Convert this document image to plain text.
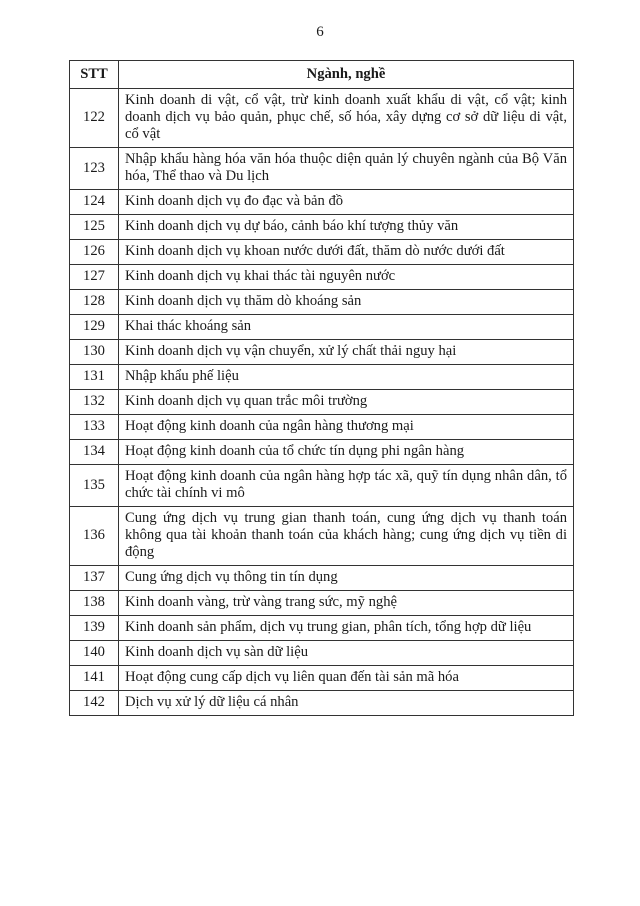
6
STT	Ngành, nghề
122	Kinh doanh di vật, cổ vật, trừ kinh doanh xuất khẩu di vật, cổ vật; kinh doanh dịch vụ bảo quản, phục chế, số hóa, xây dựng cơ sở dữ liệu di vật, cổ vật
123	Nhập khẩu hàng hóa văn hóa thuộc diện quản lý chuyên ngành của Bộ Văn hóa, Thể thao và Du lịch
124	Kinh doanh dịch vụ đo đạc và bản đồ
125	Kinh doanh dịch vụ dự báo, cảnh báo khí tượng thủy văn
126	Kinh doanh dịch vụ khoan nước dưới đất, thăm dò nước dưới đất
127	Kinh doanh dịch vụ khai thác tài nguyên nước
128	Kinh doanh dịch vụ thăm dò khoáng sản
129	Khai thác khoáng sản
130	Kinh doanh dịch vụ vận chuyển, xử lý chất thải nguy hại
131	Nhập khẩu phế liệu
132	Kinh doanh dịch vụ quan trắc môi trường
133	Hoạt động kinh doanh của ngân hàng thương mại
134	Hoạt động kinh doanh của tổ chức tín dụng phi ngân hàng
135	Hoạt động kinh doanh của ngân hàng hợp tác xã, quỹ tín dụng nhân dân, tổ chức tài chính vi mô
136	Cung ứng dịch vụ trung gian thanh toán, cung ứng dịch vụ thanh toán không qua tài khoản thanh toán của khách hàng; cung ứng dịch vụ tiền di động
137	Cung ứng dịch vụ thông tin tín dụng
138	Kinh doanh vàng, trừ vàng trang sức, mỹ nghệ
139	Kinh doanh sản phẩm, dịch vụ trung gian, phân tích, tổng hợp dữ liệu
140	Kinh doanh dịch vụ sàn dữ liệu
141	Hoạt động cung cấp dịch vụ liên quan đến tài sản mã hóa
142	Dịch vụ xử lý dữ liệu cá nhân
